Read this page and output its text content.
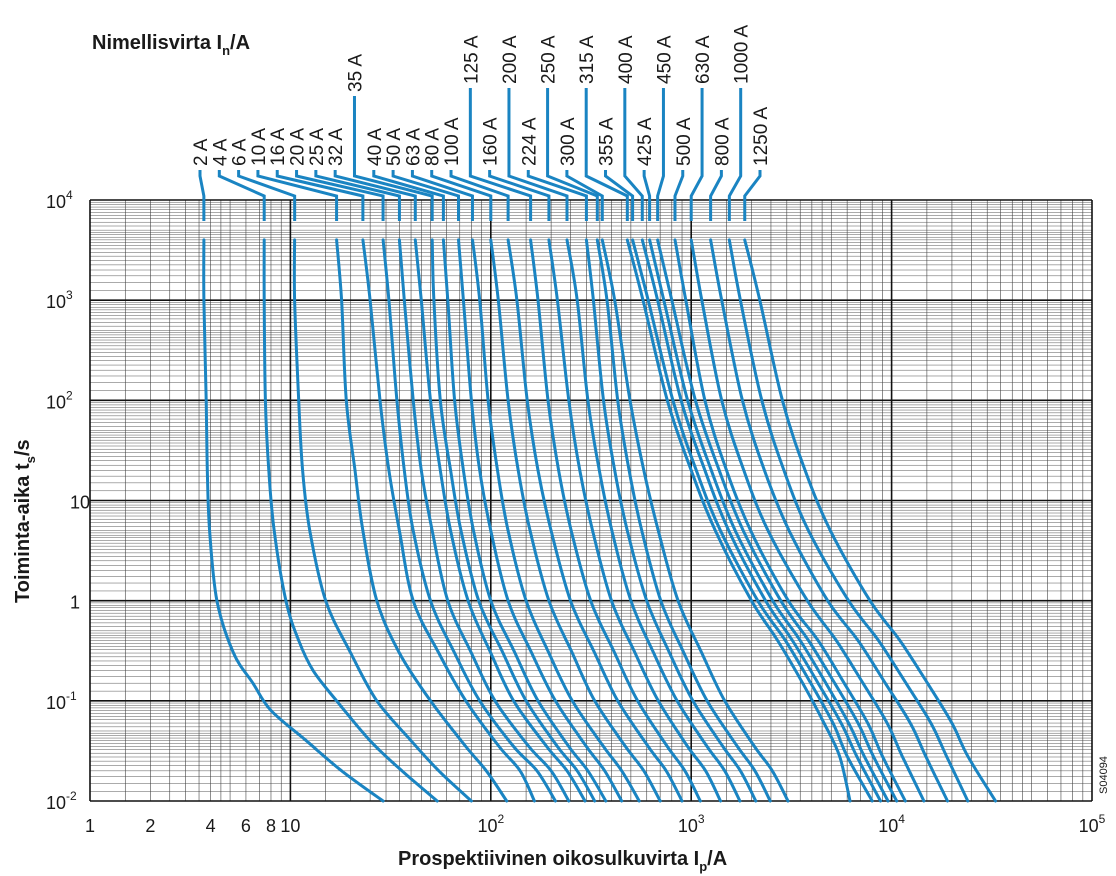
2 A
4 A
6 A
10 A
16 A
20 A
25 A
32 A
35 A
40 A
50 A
63 A
80 A
100 A
125 A
160 A
200 A
224 A
250 A
300 A
315 A
355 A
400 A
425 A
450 A
500 A
630 A
800 A
1000 A
1250 A
1	2	4 6 8 10	$10^2$	$10^3$	$10^4$	$10^5$
$10^4$
$10^3$
$10^2$
10
1
$10^{-1}$
$10^{-2}$
Nimellisvirta $I_n/A$
Prospektiivinen oikosulkuvirta $I_p/A$
Toiminta-aika $t_s/s$
S04094
